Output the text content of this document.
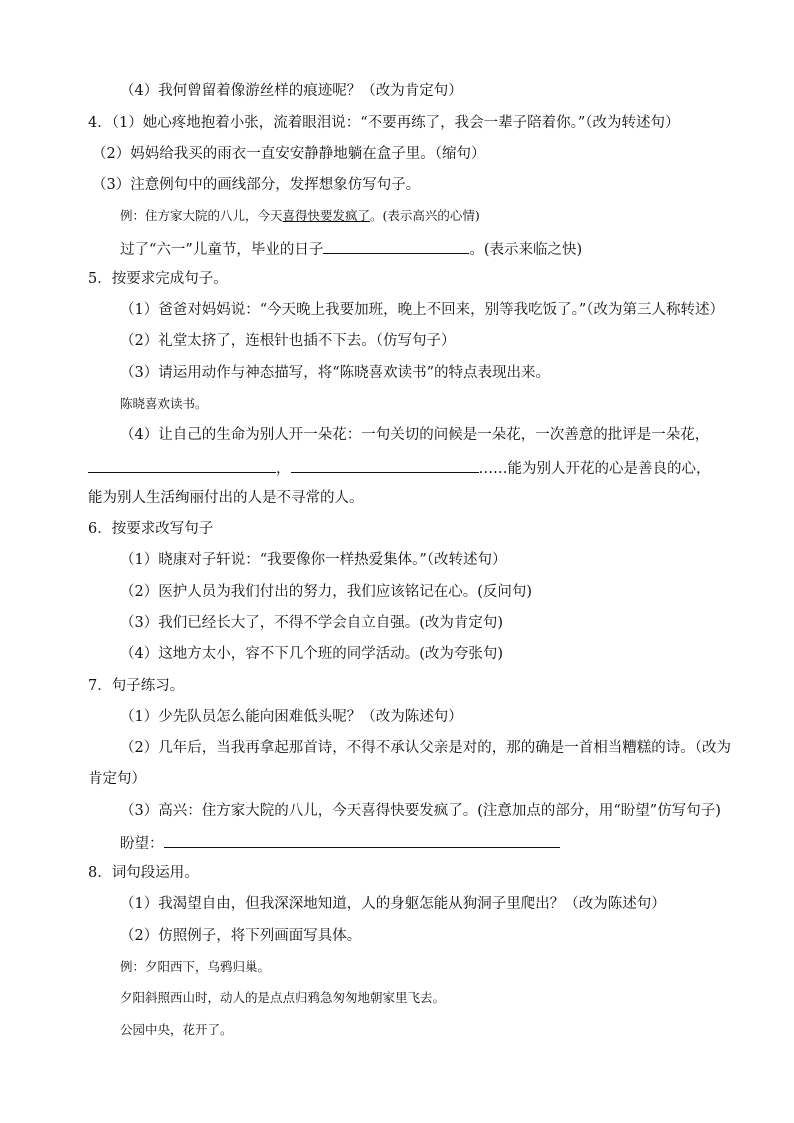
（4）我何曾留着像游丝样的痕迹呢？（改为肯定句）
4．（1）她心疼地抱着小张，流着眼泪说：“不要再练了，我会一辈子陪着你。”（改为转述句）
（2）妈妈给我买的雨衣一直安安静静地躺在盒子里。（缩句）
（3）注意例句中的画线部分，发挥想象仿写句子。
例：住方家大院的八儿，今天喜得快要发疯了。(表示高兴的心情)
过了“六一”儿童节，毕业的日子	。(表示来临之快)
5．按要求完成句子。
（1）爸爸对妈妈说：“今天晚上我要加班，晚上不回来，别等我吃饭了。”（改为第三人称转述）
（2）礼堂太挤了，连根针也插不下去。（仿写句子）
（3）请运用动作与神态描写，将“陈晓喜欢读书”的特点表现出来。
陈晓喜欢读书。
（4）让自己的生命为别人开一朵花：一句关切的问候是一朵花，一次善意的批评是一朵花，
，	……能为别人开花的心是善良的心，
能为别人生活绚丽付出的人是不寻常的人。
6．按要求改写句子
（1）晓康对子轩说：“我要像你一样热爱集体。”（改转述句）
（2）医护人员为我们付出的努力，我们应该铭记在心。(反问句)
（3）我们已经长大了，不得不学会自立自强。(改为肯定句)
（4）这地方太小，容不下几个班的同学活动。(改为夸张句)
7．句子练习。
（1）少先队员怎么能向困难低头呢？（改为陈述句）
（2）几年后，当我再拿起那首诗，不得不承认父亲是对的，那的确是一首相当糟糕的诗。（改为
肯定句）
（3）高兴：住方家大院的八儿，今天喜得快要发疯了。(注意加点的部分，用“盼望”仿写句子)
盼望：
8．词句段运用。
（1）我渴望自由，但我深深地知道，人的身躯怎能从狗洞子里爬出？（改为陈述句）
（2）仿照例子，将下列画面写具体。
例：夕阳西下，乌鸦归巢。
夕阳斜照西山时，动人的是点点归鸦急匆匆地朝家里飞去。
公园中央，花开了。
